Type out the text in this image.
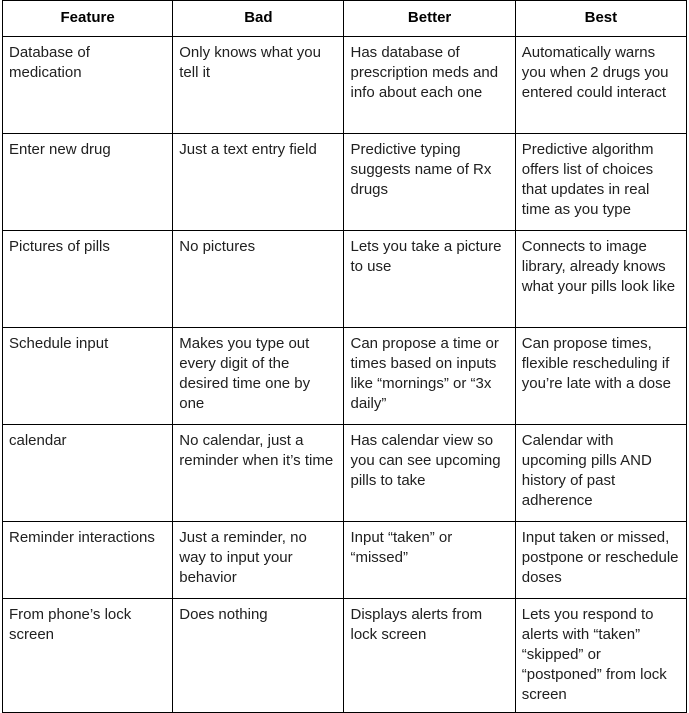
Feature	Bad	Better	Best
Database of medication	Only knows what you tell it	Has database of prescription meds and info about each one	Automatically warns you when 2 drugs you entered could interact
Enter new drug	Just a text entry field	Predictive typing suggests name of Rx drugs	Predictive algorithm offers list of choices that updates in real time as you type
Pictures of pills	No pictures	Lets you take a picture to use	Connects to image library, already knows what your pills look like
Schedule input	Makes you type out every digit of the desired time one by one	Can propose a time or times based on inputs like “mornings” or “3x daily”	Can propose times, flexible rescheduling if you’re late with a dose
calendar	No calendar, just a reminder when it’s time	Has calendar view so you can see upcoming pills to take	Calendar with upcoming pills AND history of past adherence
Reminder interactions	Just a reminder, no way to input your behavior	Input “taken” or “missed”	Input taken or missed, postpone or reschedule doses
From phone’s lock screen	Does nothing	Displays alerts from lock screen	Lets you respond to alerts with “taken” “skipped” or “postponed” from lock screen
